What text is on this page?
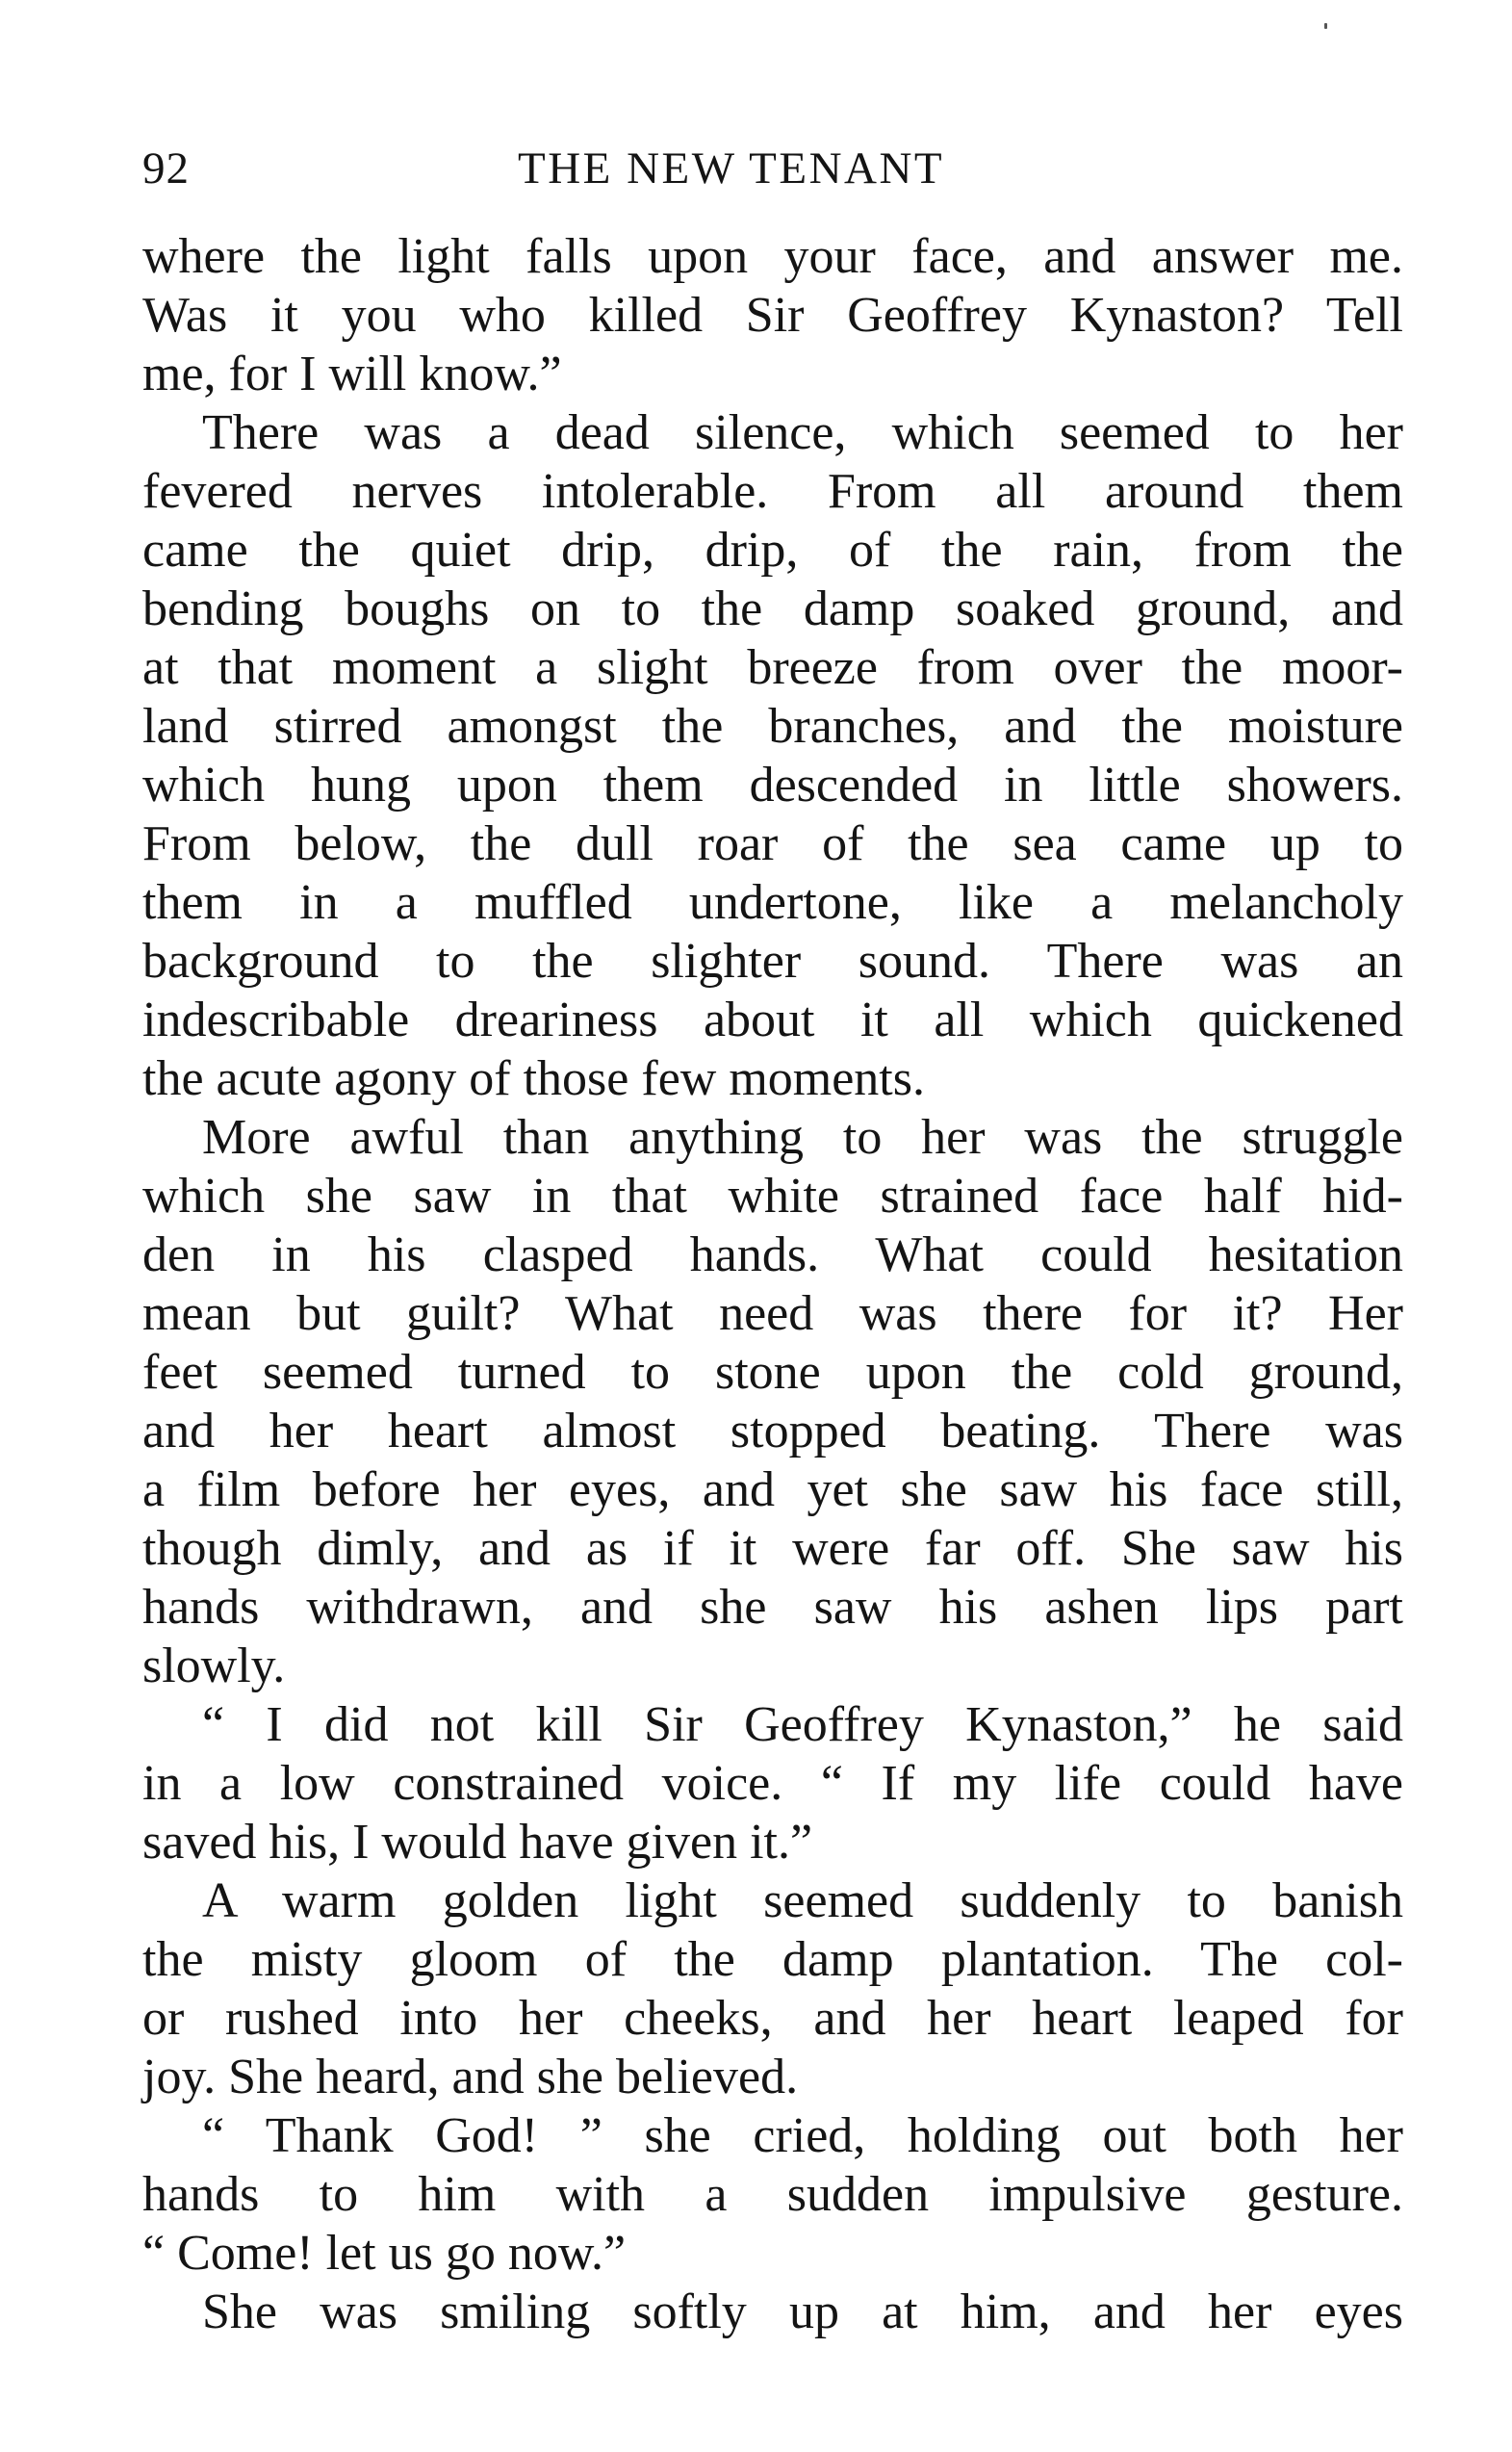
92	THE NEW TENANT
where the light falls upon your face, and answer me.
Was it you who killed Sir Geoffrey Kynaston? Tell
me, for I will know.”
There was a dead silence, which seemed to her
fevered nerves intolerable. From all around them
came the quiet drip, drip, of the rain, from the
bending boughs on to the damp soaked ground, and
at that moment a slight breeze from over the moor-
land stirred amongst the branches, and the moisture
which hung upon them descended in little showers.
From below, the dull roar of the sea came up to
them in a muffled undertone, like a melancholy
background to the slighter sound. There was an
indescribable dreariness about it all which quickened
the acute agony of those few moments.
More awful than anything to her was the struggle
which she saw in that white strained face half hid-
den in his clasped hands. What could hesitation
mean but guilt? What need was there for it? Her
feet seemed turned to stone upon the cold ground,
and her heart almost stopped beating. There was
a film before her eyes, and yet she saw his face still,
though dimly, and as if it were far off. She saw his
hands withdrawn, and she saw his ashen lips part
slowly.
“ I did not kill Sir Geoffrey Kynaston,” he said
in a low constrained voice. “ If my life could have
saved his, I would have given it.”
A warm golden light seemed suddenly to banish
the misty gloom of the damp plantation. The col-
or rushed into her cheeks, and her heart leaped for
joy. She heard, and she believed.
“ Thank God! ” she cried, holding out both her
hands to him with a sudden impulsive gesture.
“ Come! let us go now.”
She was smiling softly up at him, and her eyes
